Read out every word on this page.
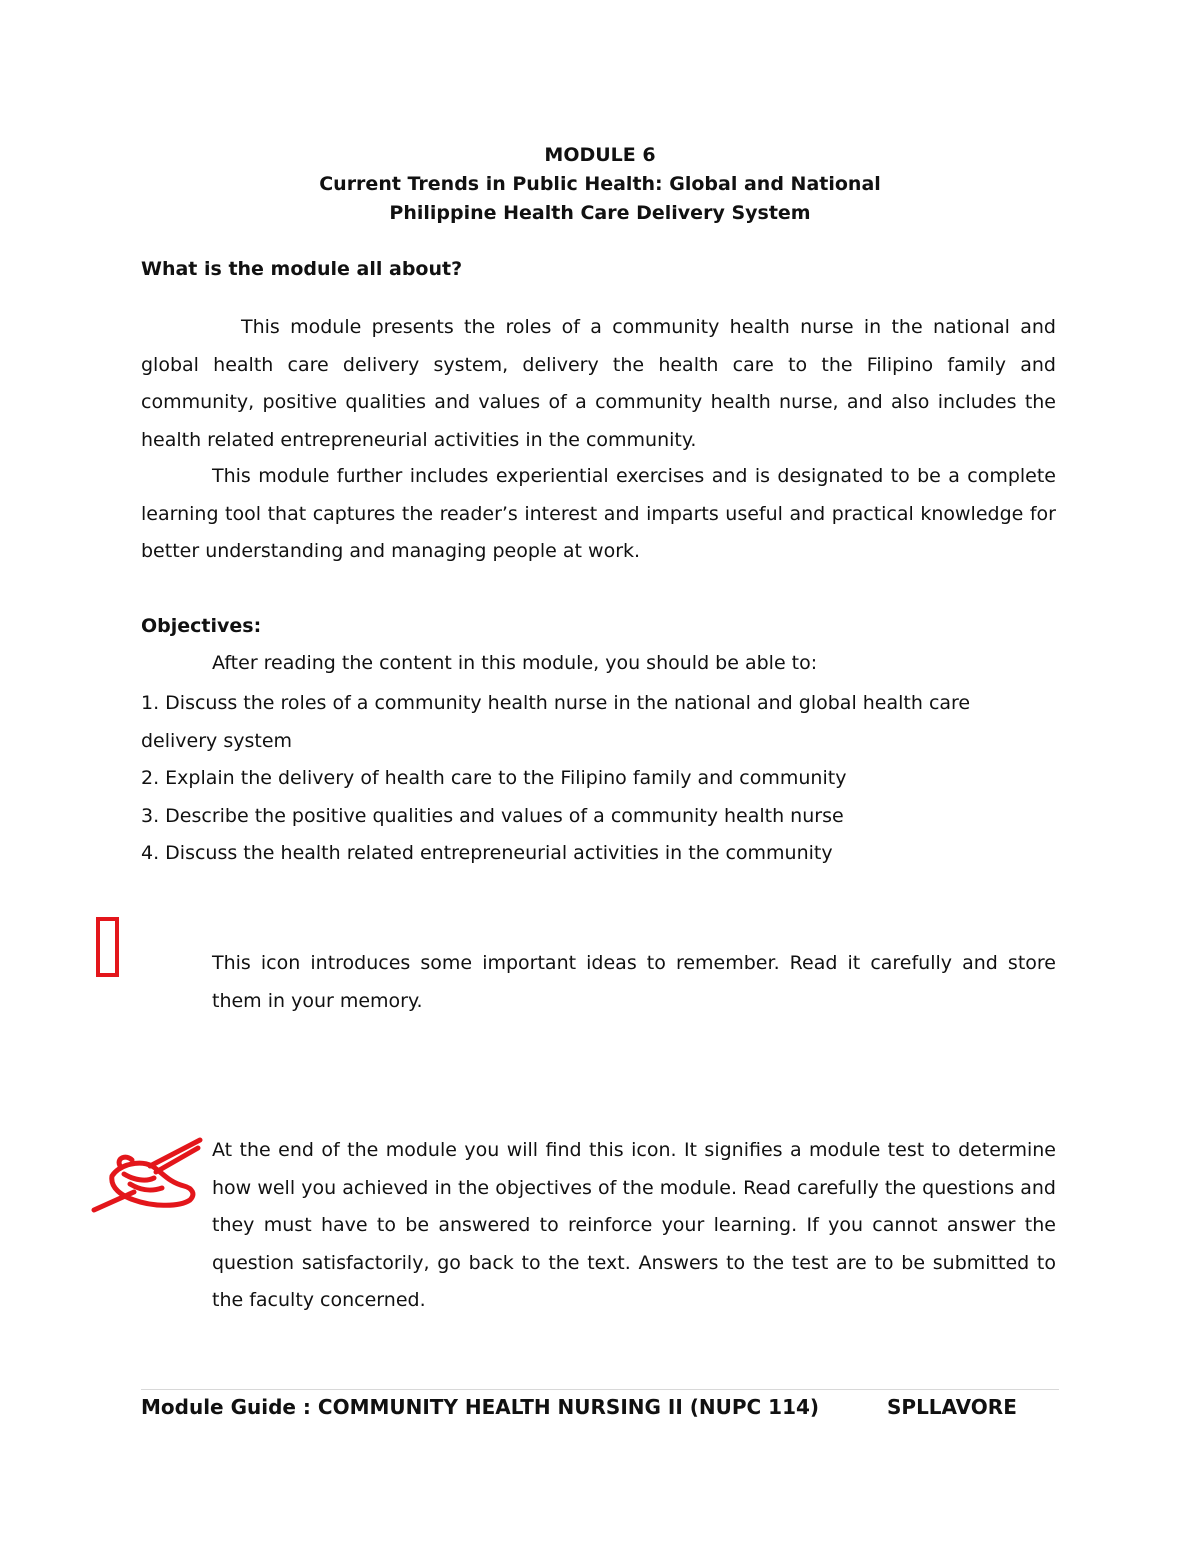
MODULE 6
Current Trends in Public Health: Global and National
Philippine Health Care Delivery System
What is the module all about?

This module presents the roles of a community health nurse in the national and global health care delivery system, delivery the health care to the Filipino family and community, positive qualities and values of a community health nurse, and also includes the health related entrepreneurial activities in the community.

This module further includes experiential exercises and is designated to be a complete learning tool that captures the reader’s interest and imparts useful and practical knowledge for better understanding and managing people at work.

Objectives:
After reading the content in this module, you should be able to:
1. Discuss the roles of a community health nurse in the national and global health care delivery system
2. Explain the delivery of health care to the Filipino family and community
3. Describe the positive qualities and values of a community health nurse
4. Discuss the health related entrepreneurial activities in the community

This icon introduces some important ideas to remember. Read it carefully and store them in your memory.

At the end of the module you will find this icon. It signifies a module test to determine how well you achieved in the objectives of the module. Read carefully the questions and they must have to be answered to reinforce your learning. If you cannot answer the question satisfactorily, go back to the text. Answers to the test are to be submitted to the faculty concerned.

Module Guide : COMMUNITY HEALTH NURSING II (NUPC 114)	SPLLAVORE
